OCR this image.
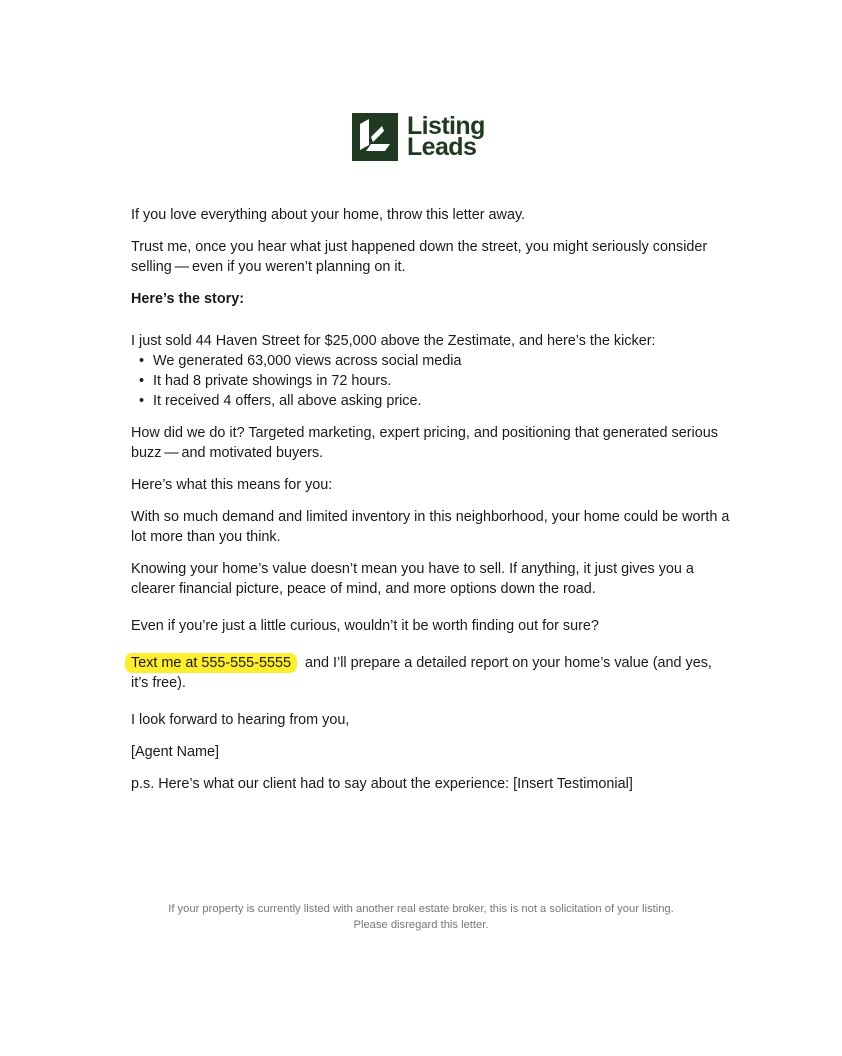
Listing
Leads

If you love everything about your home, throw this letter away.

Trust me, once you hear what just happened down the street, you might seriously consider selling — even if you weren’t planning on it.

Here’s the story:

I just sold 44 Haven Street for $25,000 above the Zestimate, and here’s the kicker:

• We generated 63,000 views across social media
• It had 8 private showings in 72 hours.
• It received 4 offers, all above asking price.

How did we do it? Targeted marketing, expert pricing, and positioning that generated serious buzz — and motivated buyers.

Here’s what this means for you:

With so much demand and limited inventory in this neighborhood, your home could be worth a lot more than you think.

Knowing your home’s value doesn’t mean you have to sell. If anything, it just gives you a clearer financial picture, peace of mind, and more options down the road.

Even if you’re just a little curious, wouldn’t it be worth finding out for sure?

Text me at 555-555-5555 and I’ll prepare a detailed report on your home’s value (and yes, it’s free).

I look forward to hearing from you,

[Agent Name]

p.s. Here’s what our client had to say about the experience: [Insert Testimonial]

If your property is currently listed with another real estate broker, this is not a solicitation of your listing.
Please disregard this letter.
